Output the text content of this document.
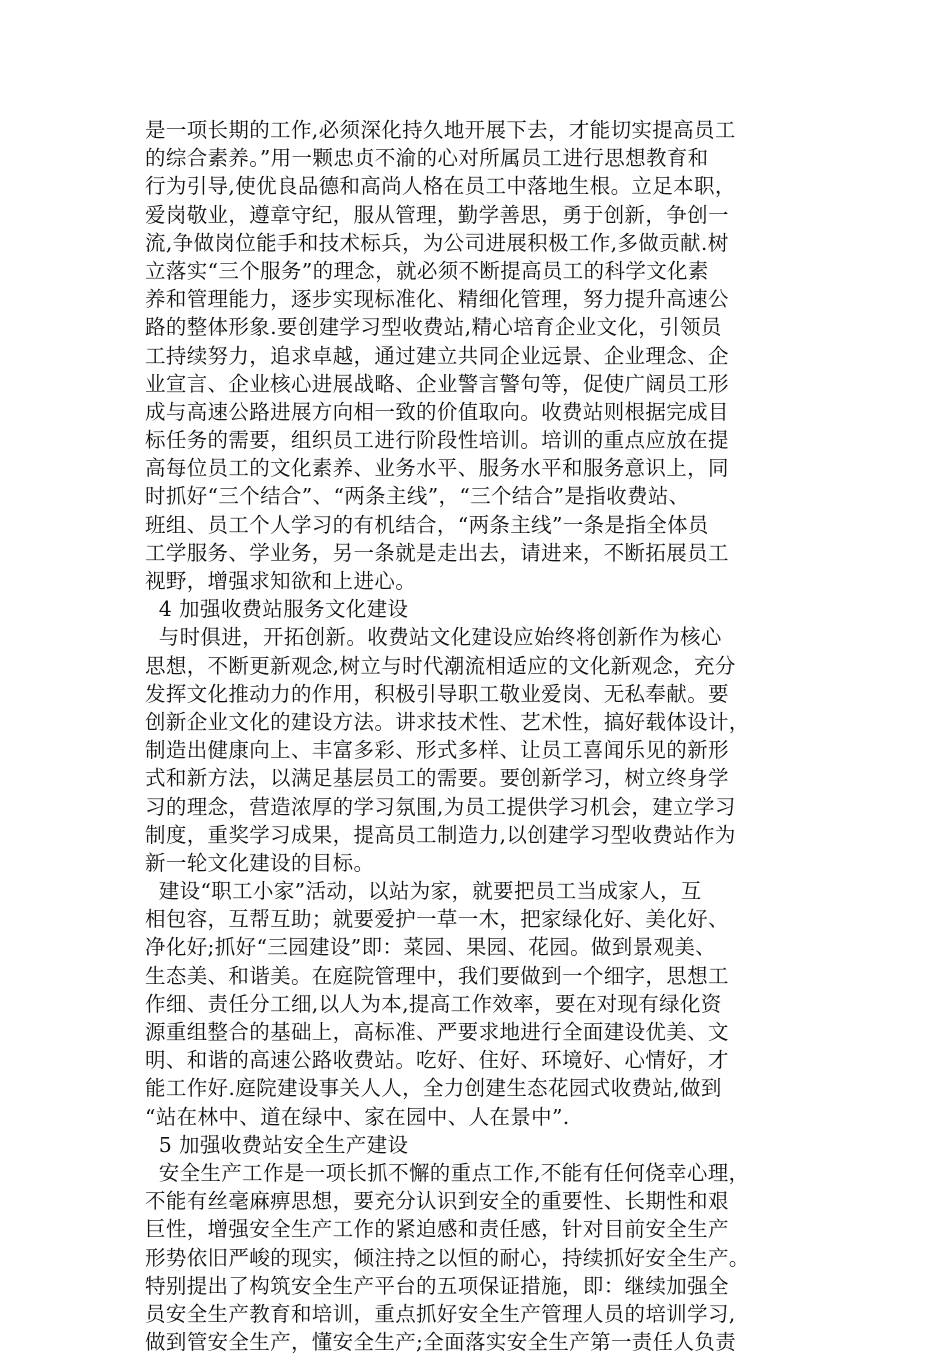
是一项长期的工作,必须深化持久地开展下去，才能切实提高员工
的综合素养。”用一颗忠贞不渝的心对所属员工进行思想教育和
行为引导,使优良品德和高尚人格在员工中落地生根。立足本职，
爱岗敬业，遵章守纪，服从管理，勤学善思，勇于创新，争创一
流,争做岗位能手和技术标兵，为公司进展积极工作,多做贡献.树
立落实“三个服务”的理念，就必须不断提高员工的科学文化素
养和管理能力，逐步实现标准化、精细化管理，努力提升高速公
路的整体形象.要创建学习型收费站,精心培育企业文化，引领员
工持续努力，追求卓越，通过建立共同企业远景、企业理念、企
业宣言、企业核心进展战略、企业警言警句等，促使广阔员工形
成与高速公路进展方向相一致的价值取向。收费站则根据完成目
标任务的需要，组织员工进行阶段性培训。培训的重点应放在提
高每位员工的文化素养、业务水平、服务水平和服务意识上，同
时抓好“三个结合”、“两条主线”，“三个结合”是指收费站、
班组、员工个人学习的有机结合，“两条主线”一条是指全体员
工学服务、学业务，另一条就是走出去，请进来，不断拓展员工
视野，增强求知欲和上进心。
4 加强收费站服务文化建设
与时俱进，开拓创新。收费站文化建设应始终将创新作为核心
思想，不断更新观念,树立与时代潮流相适应的文化新观念，充分
发挥文化推动力的作用，积极引导职工敬业爱岗、无私奉献。要
创新企业文化的建设方法。讲求技术性、艺术性，搞好载体设计，
制造出健康向上、丰富多彩、形式多样、让员工喜闻乐见的新形
式和新方法，以满足基层员工的需要。要创新学习，树立终身学
习的理念，营造浓厚的学习氛围,为员工提供学习机会，建立学习
制度，重奖学习成果，提高员工制造力,以创建学习型收费站作为
新一轮文化建设的目标。
建设“职工小家”活动，以站为家，就要把员工当成家人，互
相包容，互帮互助；就要爱护一草一木，把家绿化好、美化好、
净化好;抓好“三园建设”即：菜园、果园、花园。做到景观美、
生态美、和谐美。在庭院管理中，我们要做到一个细字，思想工
作细、责任分工细,以人为本,提高工作效率，要在对现有绿化资
源重组整合的基础上，高标准、严要求地进行全面建设优美、文
明、和谐的高速公路收费站。吃好、住好、环境好、心情好，才
能工作好.庭院建设事关人人，全力创建生态花园式收费站,做到
“站在林中、道在绿中、家在园中、人在景中”.
5 加强收费站安全生产建设
安全生产工作是一项长抓不懈的重点工作,不能有任何侥幸心理，
不能有丝毫麻痹思想，要充分认识到安全的重要性、长期性和艰
巨性，增强安全生产工作的紧迫感和责任感，针对目前安全生产
形势依旧严峻的现实，倾注持之以恒的耐心，持续抓好安全生产。
特别提出了构筑安全生产平台的五项保证措施，即：继续加强全
员安全生产教育和培训，重点抓好安全生产管理人员的培训学习,
做到管安全生产，懂安全生产;全面落实安全生产第一责任人负责
